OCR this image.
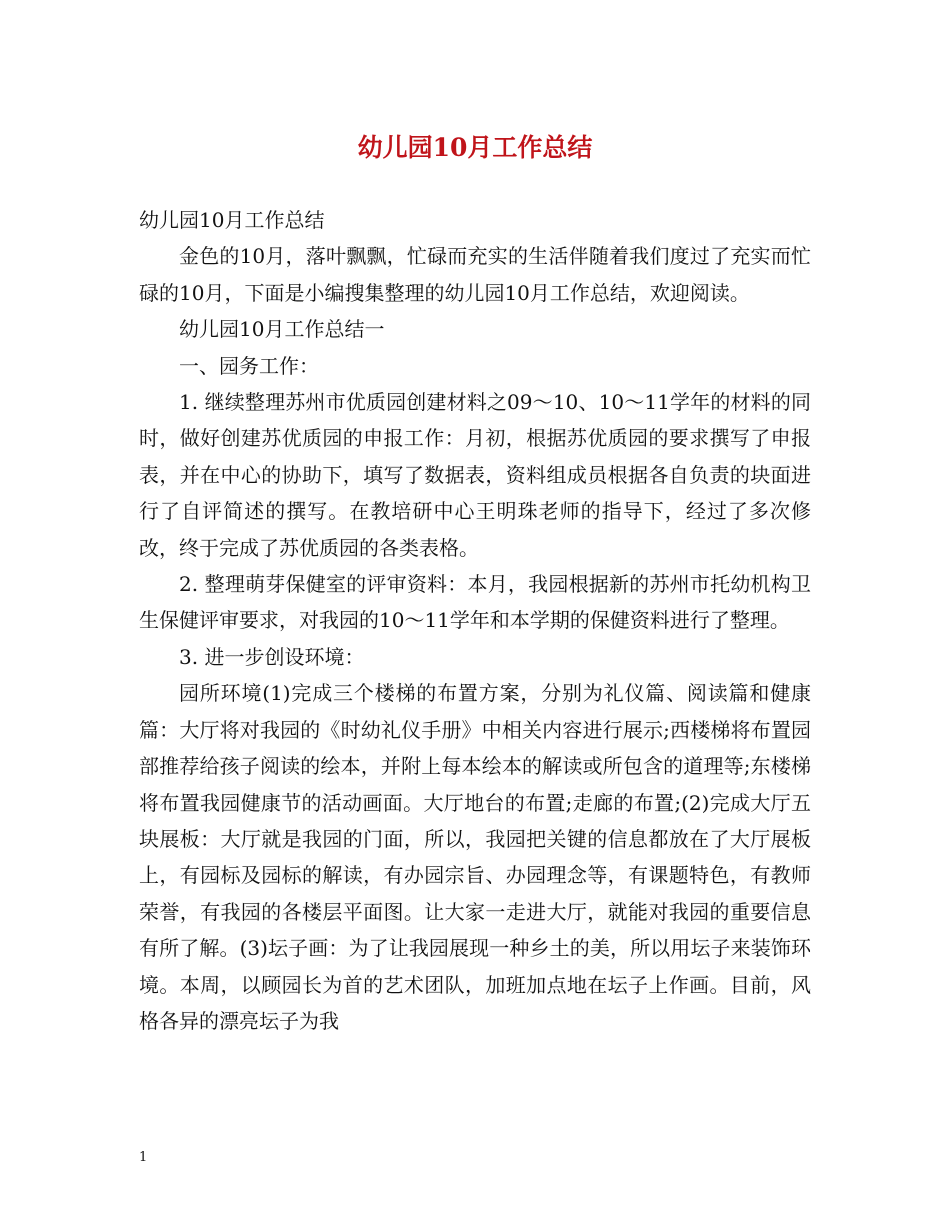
幼儿园10月工作总结

幼儿园10月工作总结

金色的10月，落叶飘飘，忙碌而充实的生活伴随着我们度过了充实而忙碌的10月，下面是小编搜集整理的幼儿园10月工作总结，欢迎阅读。

幼儿园10月工作总结一

一、园务工作：

1. 继续整理苏州市优质园创建材料之09～10、10～11学年的材料的同时，做好创建苏优质园的申报工作：月初，根据苏优质园的要求撰写了申报表，并在中心的协助下，填写了数据表，资料组成员根据各自负责的块面进行了自评简述的撰写。在教培研中心王明珠老师的指导下，经过了多次修改，终于完成了苏优质园的各类表格。

2. 整理萌芽保健室的评审资料：本月，我园根据新的苏州市托幼机构卫生保健评审要求，对我园的10～11学年和本学期的保健资料进行了整理。

3. 进一步创设环境：

园所环境(1)完成三个楼梯的布置方案，分别为礼仪篇、阅读篇和健康篇：大厅将对我园的《时幼礼仪手册》中相关内容进行展示;西楼梯将布置园部推荐给孩子阅读的绘本，并附上每本绘本的解读或所包含的道理等;东楼梯将布置我园健康节的活动画面。大厅地台的布置;走廊的布置;(2)完成大厅五块展板：大厅就是我园的门面，所以，我园把关键的信息都放在了大厅展板上，有园标及园标的解读，有办园宗旨、办园理念等，有课题特色，有教师荣誉，有我园的各楼层平面图。让大家一走进大厅，就能对我园的重要信息有所了解。(3)坛子画：为了让我园展现一种乡土的美，所以用坛子来装饰环境。本周，以顾园长为首的艺术团队，加班加点地在坛子上作画。目前，风格各异的漂亮坛子为我

1
